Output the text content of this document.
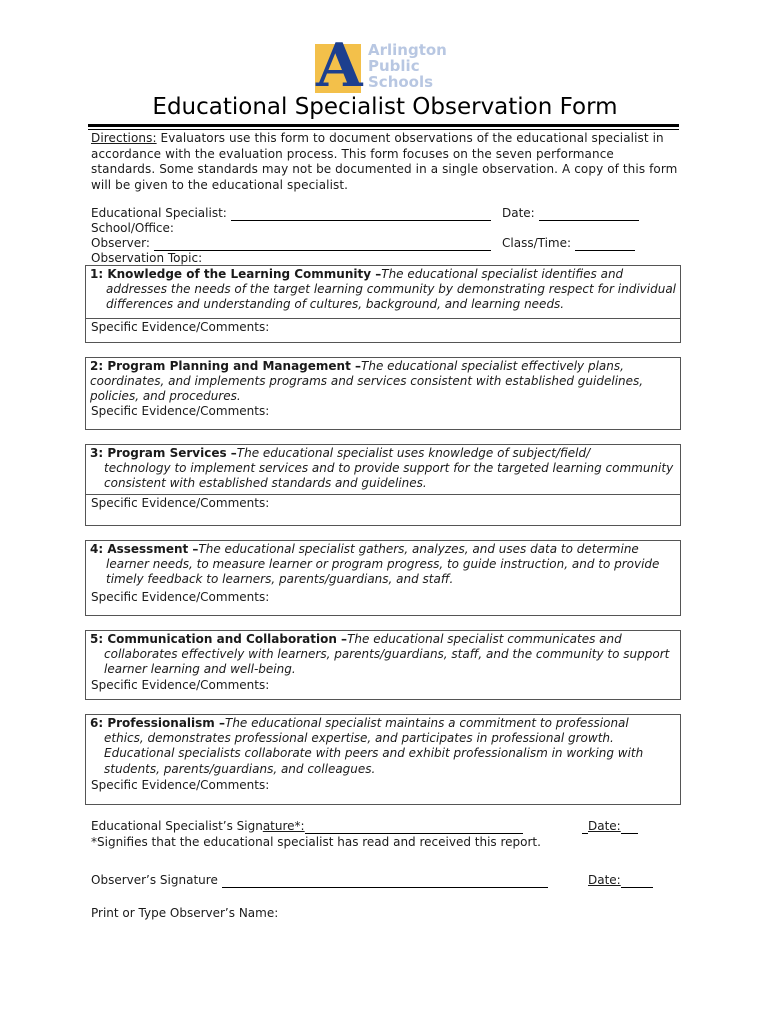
A Arlington
Public
Schools
Educational Specialist Observation Form
Directions: Evaluators use this form to document observations of the educational specialist in accordance with the evaluation process. This form focuses on the seven performance standards. Some standards may not be documented in a single observation. A copy of this form will be given to the educational specialist.
Educational Specialist:	Date:
School/Office:
Observer:	Class/Time:
Observation Topic:
1: Knowledge of the Learning Community –The educational specialist identifies and
addresses the needs of the target learning community by demonstrating respect for individual differences and understanding of cultures, background, and learning needs.
Specific Evidence/Comments:
2: Program Planning and Management –The educational specialist effectively plans,
coordinates, and implements programs and services consistent with established guidelines, policies, and procedures.
Specific Evidence/Comments:
3: Program Services –The educational specialist uses knowledge of subject/field/
technology to implement services and to provide support for the targeted learning community consistent with established standards and guidelines.
Specific Evidence/Comments:
4: Assessment –The educational specialist gathers, analyzes, and uses data to determine
learner needs, to measure learner or program progress, to guide instruction, and to provide timely feedback to learners, parents/guardians, and staff.
Specific Evidence/Comments:
5: Communication and Collaboration –The educational specialist communicates and
collaborates effectively with learners, parents/guardians, staff, and the community to support learner learning and well-being.
Specific Evidence/Comments:
6: Professionalism –The educational specialist maintains a commitment to professional
ethics, demonstrates professional expertise, and participates in professional growth. Educational specialists collaborate with peers and exhibit professionalism in working with students, parents/guardians, and colleagues.
Specific Evidence/Comments:
Educational Specialist’s Signature*:	Date:
*Signifies that the educational specialist has read and received this report.
Observer’s Signature	Date:
Print or Type Observer’s Name:
